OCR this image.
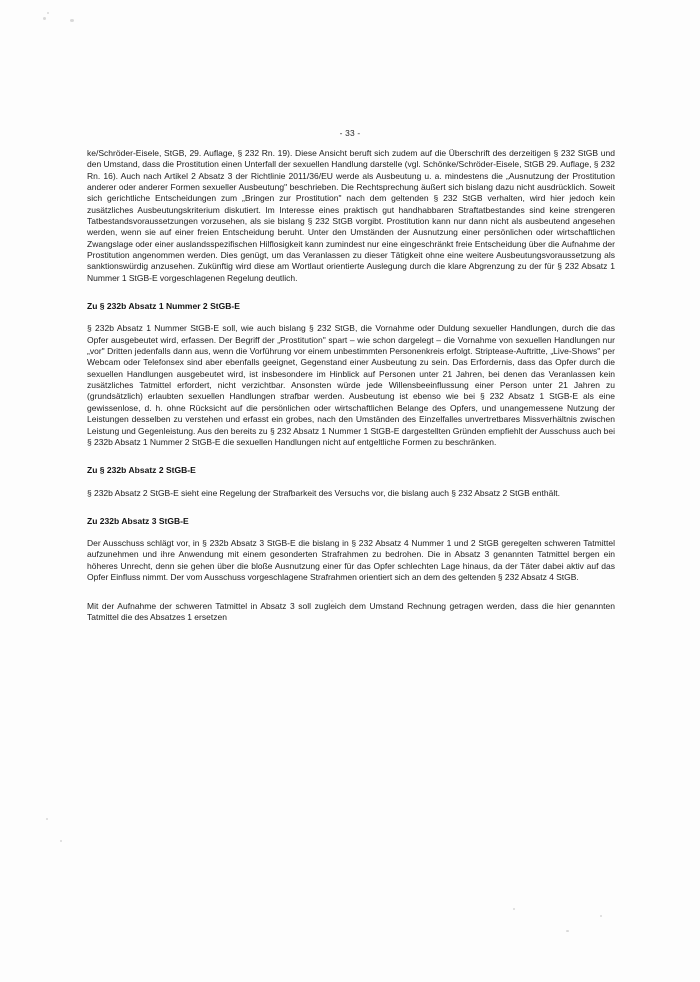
- 33 -

ke/Schröder-Eisele, StGB, 29. Auflage, § 232 Rn. 19). Diese Ansicht beruft sich zudem auf die Überschrift des derzeitigen § 232 StGB und den Umstand, dass die Prostitution einen Unterfall der sexuellen Handlung darstelle (vgl. Schönke/Schröder-Eisele, StGB 29. Auflage, § 232 Rn. 16). Auch nach Artikel 2 Absatz 3 der Richtlinie 2011/36/EU werde als Ausbeutung u. a. mindestens die „Ausnutzung der Prostitution anderer oder anderer Formen sexueller Ausbeutung" beschrieben. Die Rechtsprechung äußert sich bislang dazu nicht ausdrücklich. Soweit sich gerichtliche Entscheidungen zum „Bringen zur Prostitution" nach dem geltenden § 232 StGB verhalten, wird hier jedoch kein zusätzliches Ausbeutungskriterium diskutiert. Im Interesse eines praktisch gut handhabbaren Straftatbestandes sind keine strengeren Tatbestandsvoraussetzungen vorzusehen, als sie bislang § 232 StGB vorgibt. Prostitution kann nur dann nicht als ausbeutend angesehen werden, wenn sie auf einer freien Entscheidung beruht. Unter den Umständen der Ausnutzung einer persönlichen oder wirtschaftlichen Zwangslage oder einer auslandsspezifischen Hilflosigkeit kann zumindest nur eine eingeschränkt freie Entscheidung über die Aufnahme der Prostitution angenommen werden. Dies genügt, um das Veranlassen zu dieser Tätigkeit ohne eine weitere Ausbeutungsvoraussetzung als sanktionswürdig anzusehen. Zukünftig wird diese am Wortlaut orientierte Auslegung durch die klare Abgrenzung zu der für § 232 Absatz 1 Nummer 1 StGB-E vorgeschlagenen Regelung deutlich.

Zu § 232b Absatz 1 Nummer 2 StGB-E

§ 232b Absatz 1 Nummer StGB-E soll, wie auch bislang § 232 StGB, die Vornahme oder Duldung sexueller Handlungen, durch die das Opfer ausgebeutet wird, erfassen. Der Begriff der „Prostitution" spart – wie schon dargelegt – die Vornahme von sexuellen Handlungen nur „vor" Dritten jedenfalls dann aus, wenn die Vorführung vor einem unbestimmten Personenkreis erfolgt. Striptease-Auftritte, „Live-Shows" per Webcam oder Telefonsex sind aber ebenfalls geeignet, Gegenstand einer Ausbeutung zu sein. Das Erfordernis, dass das Opfer durch die sexuellen Handlungen ausgebeutet wird, ist insbesondere im Hinblick auf Personen unter 21 Jahren, bei denen das Veranlassen kein zusätzliches Tatmittel erfordert, nicht verzichtbar. Ansonsten würde jede Willensbeeinflussung einer Person unter 21 Jahren zu (grundsätzlich) erlaubten sexuellen Handlungen strafbar werden. Ausbeutung ist ebenso wie bei § 232 Absatz 1 StGB-E als eine gewissenlose, d. h. ohne Rücksicht auf die persönlichen oder wirtschaftlichen Belange des Opfers, und unangemessene Nutzung der Leistungen desselben zu verstehen und erfasst ein grobes, nach den Umständen des Einzelfalles unvertretbares Missverhältnis zwischen Leistung und Gegenleistung. Aus den bereits zu § 232 Absatz 1 Nummer 1 StGB-E dargestellten Gründen empfiehlt der Ausschuss auch bei § 232b Absatz 1 Nummer 2 StGB-E die sexuellen Handlungen nicht auf entgeltliche Formen zu beschränken.

Zu § 232b Absatz 2 StGB-E

§ 232b Absatz 2 StGB-E sieht eine Regelung der Strafbarkeit des Versuchs vor, die bislang auch § 232 Absatz 2 StGB enthält.

Zu 232b Absatz 3 StGB-E

Der Ausschuss schlägt vor, in § 232b Absatz 3 StGB-E die bislang in § 232 Absatz 4 Nummer 1 und 2 StGB geregelten schweren Tatmittel aufzunehmen und ihre Anwendung mit einem gesonderten Strafrahmen zu bedrohen. Die in Absatz 3 genannten Tatmittel bergen ein höheres Unrecht, denn sie gehen über die bloße Ausnutzung einer für das Opfer schlechten Lage hinaus, da der Täter dabei aktiv auf das Opfer Einfluss nimmt. Der vom Ausschuss vorgeschlagene Strafrahmen orientiert sich an dem des geltenden § 232 Absatz 4 StGB.

Mit der Aufnahme der schweren Tatmittel in Absatz 3 soll zugleich dem Umstand Rechnung getragen werden, dass die hier genannten Tatmittel die des Absatzes 1 ersetzen
